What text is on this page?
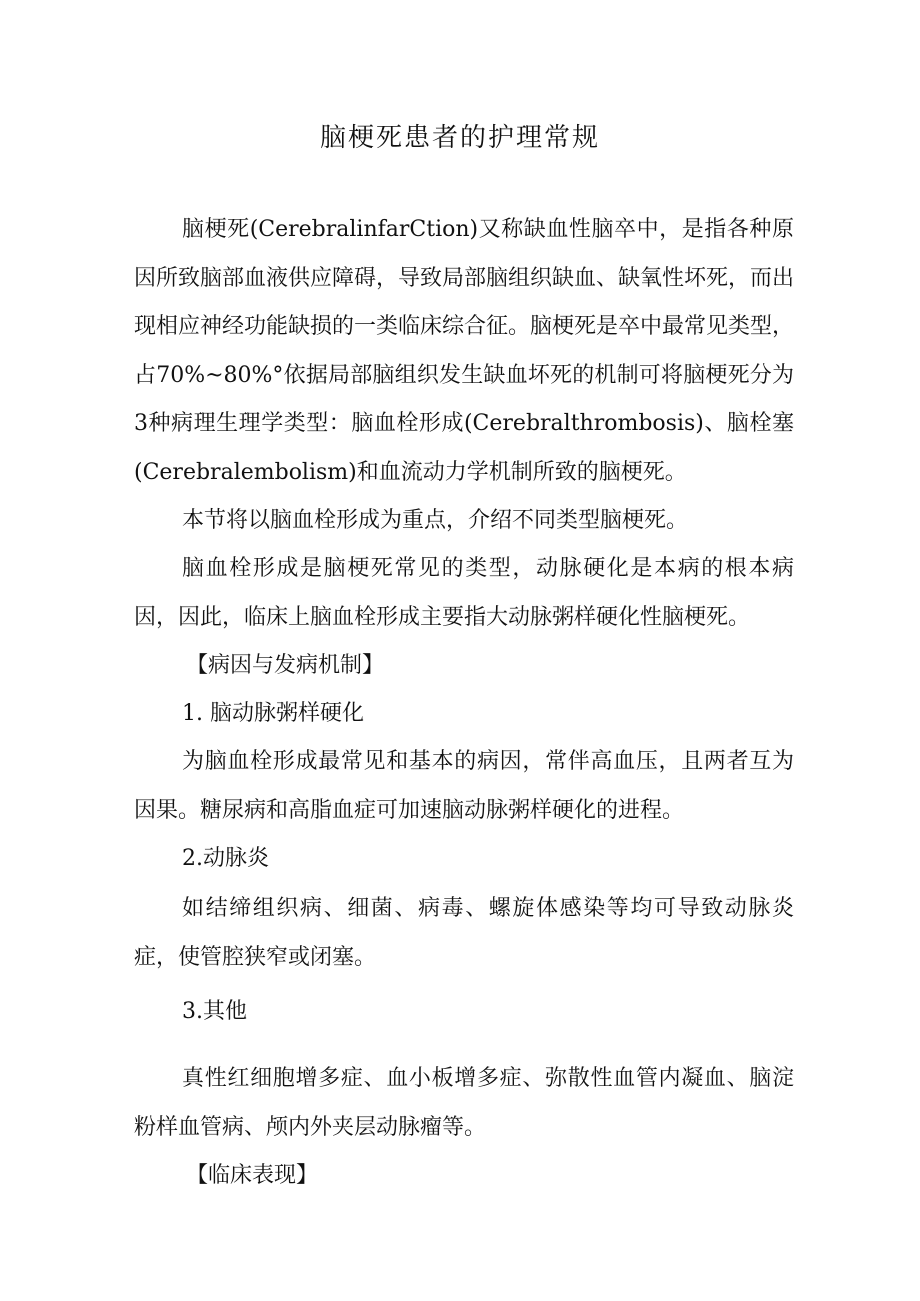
脑梗死患者的护理常规

脑梗死(CerebralinfarCtion)又称缺血性脑卒中，是指各种原因所致脑部血液供应障碍，导致局部脑组织缺血、缺氧性坏死，而出现相应神经功能缺损的一类临床综合征。脑梗死是卒中最常见类型，占70%~80%°依据局部脑组织发生缺血坏死的机制可将脑梗死分为3种病理生理学类型：脑血栓形成(Cerebralthrombosis)、脑栓塞(Cerebralembolism)和血流动力学机制所致的脑梗死。

本节将以脑血栓形成为重点，介绍不同类型脑梗死。

脑血栓形成是脑梗死常见的类型，动脉硬化是本病的根本病因，因此，临床上脑血栓形成主要指大动脉粥样硬化性脑梗死。

【病因与发病机制】

1. 脑动脉粥样硬化

为脑血栓形成最常见和基本的病因，常伴高血压，且两者互为因果。糖尿病和高脂血症可加速脑动脉粥样硬化的进程。

2.动脉炎

如结缔组织病、细菌、病毒、螺旋体感染等均可导致动脉炎症，使管腔狭窄或闭塞。

3.其他

真性红细胞增多症、血小板增多症、弥散性血管内凝血、脑淀粉样血管病、颅内外夹层动脉瘤等。

【临床表现】
